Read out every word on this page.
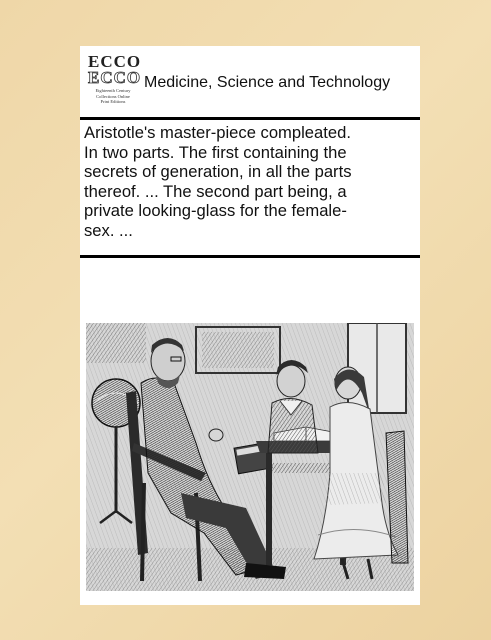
ECCO
ECCO
Eighteenth Century
Collections Online
Print Editions
Medicine, Science and Technology

Aristotle's master-piece compleated.
In two parts. The first containing the
secrets of generation, in all the parts
thereof. ... The second part being, a
private looking-glass for the female-
sex. ...
